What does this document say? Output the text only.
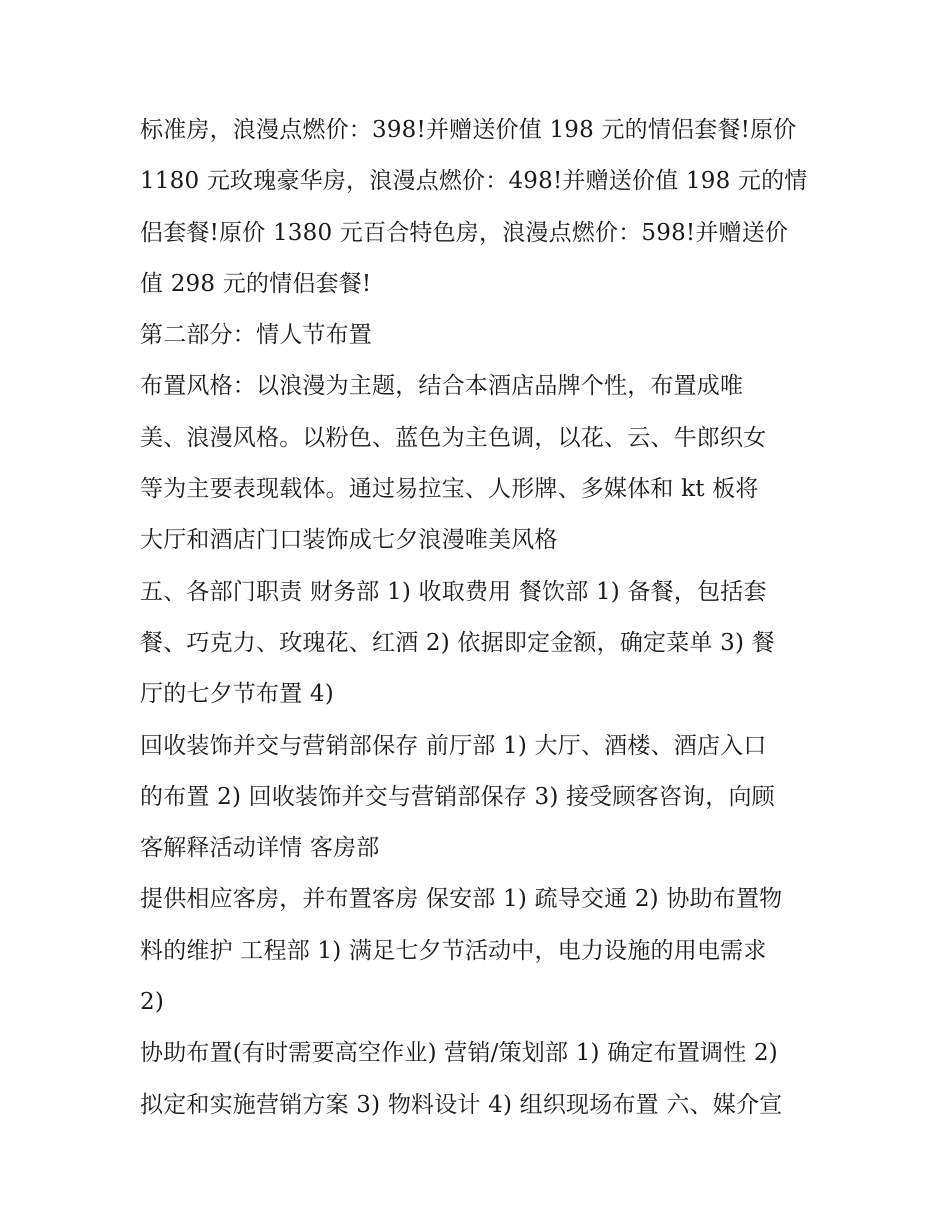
标准房，浪漫点燃价：398!并赠送价值 198 元的情侣套餐!原价
1180 元玫瑰豪华房，浪漫点燃价：498!并赠送价值 198 元的情
侣套餐!原价 1380 元百合特色房，浪漫点燃价：598!并赠送价
值 298 元的情侣套餐!
第二部分：情人节布置
布置风格：以浪漫为主题，结合本酒店品牌个性，布置成唯
美、浪漫风格。以粉色、蓝色为主色调，以花、云、牛郎织女
等为主要表现载体。通过易拉宝、人形牌、多媒体和 kt 板将
大厅和酒店门口装饰成七夕浪漫唯美风格
五、各部门职责 财务部 1) 收取费用 餐饮部 1) 备餐，包括套
餐、巧克力、玫瑰花、红酒 2) 依据即定金额，确定菜单 3) 餐
厅的七夕节布置 4)
回收装饰并交与营销部保存 前厅部 1) 大厅、酒楼、酒店入口
的布置 2) 回收装饰并交与营销部保存 3) 接受顾客咨询，向顾
客解释活动详情 客房部
提供相应客房，并布置客房 保安部 1) 疏导交通 2) 协助布置物
料的维护 工程部 1) 满足七夕节活动中，电力设施的用电需求
2)
协助布置(有时需要高空作业) 营销/策划部 1) 确定布置调性 2)
拟定和实施营销方案 3) 物料设计 4) 组织现场布置 六、媒介宣
